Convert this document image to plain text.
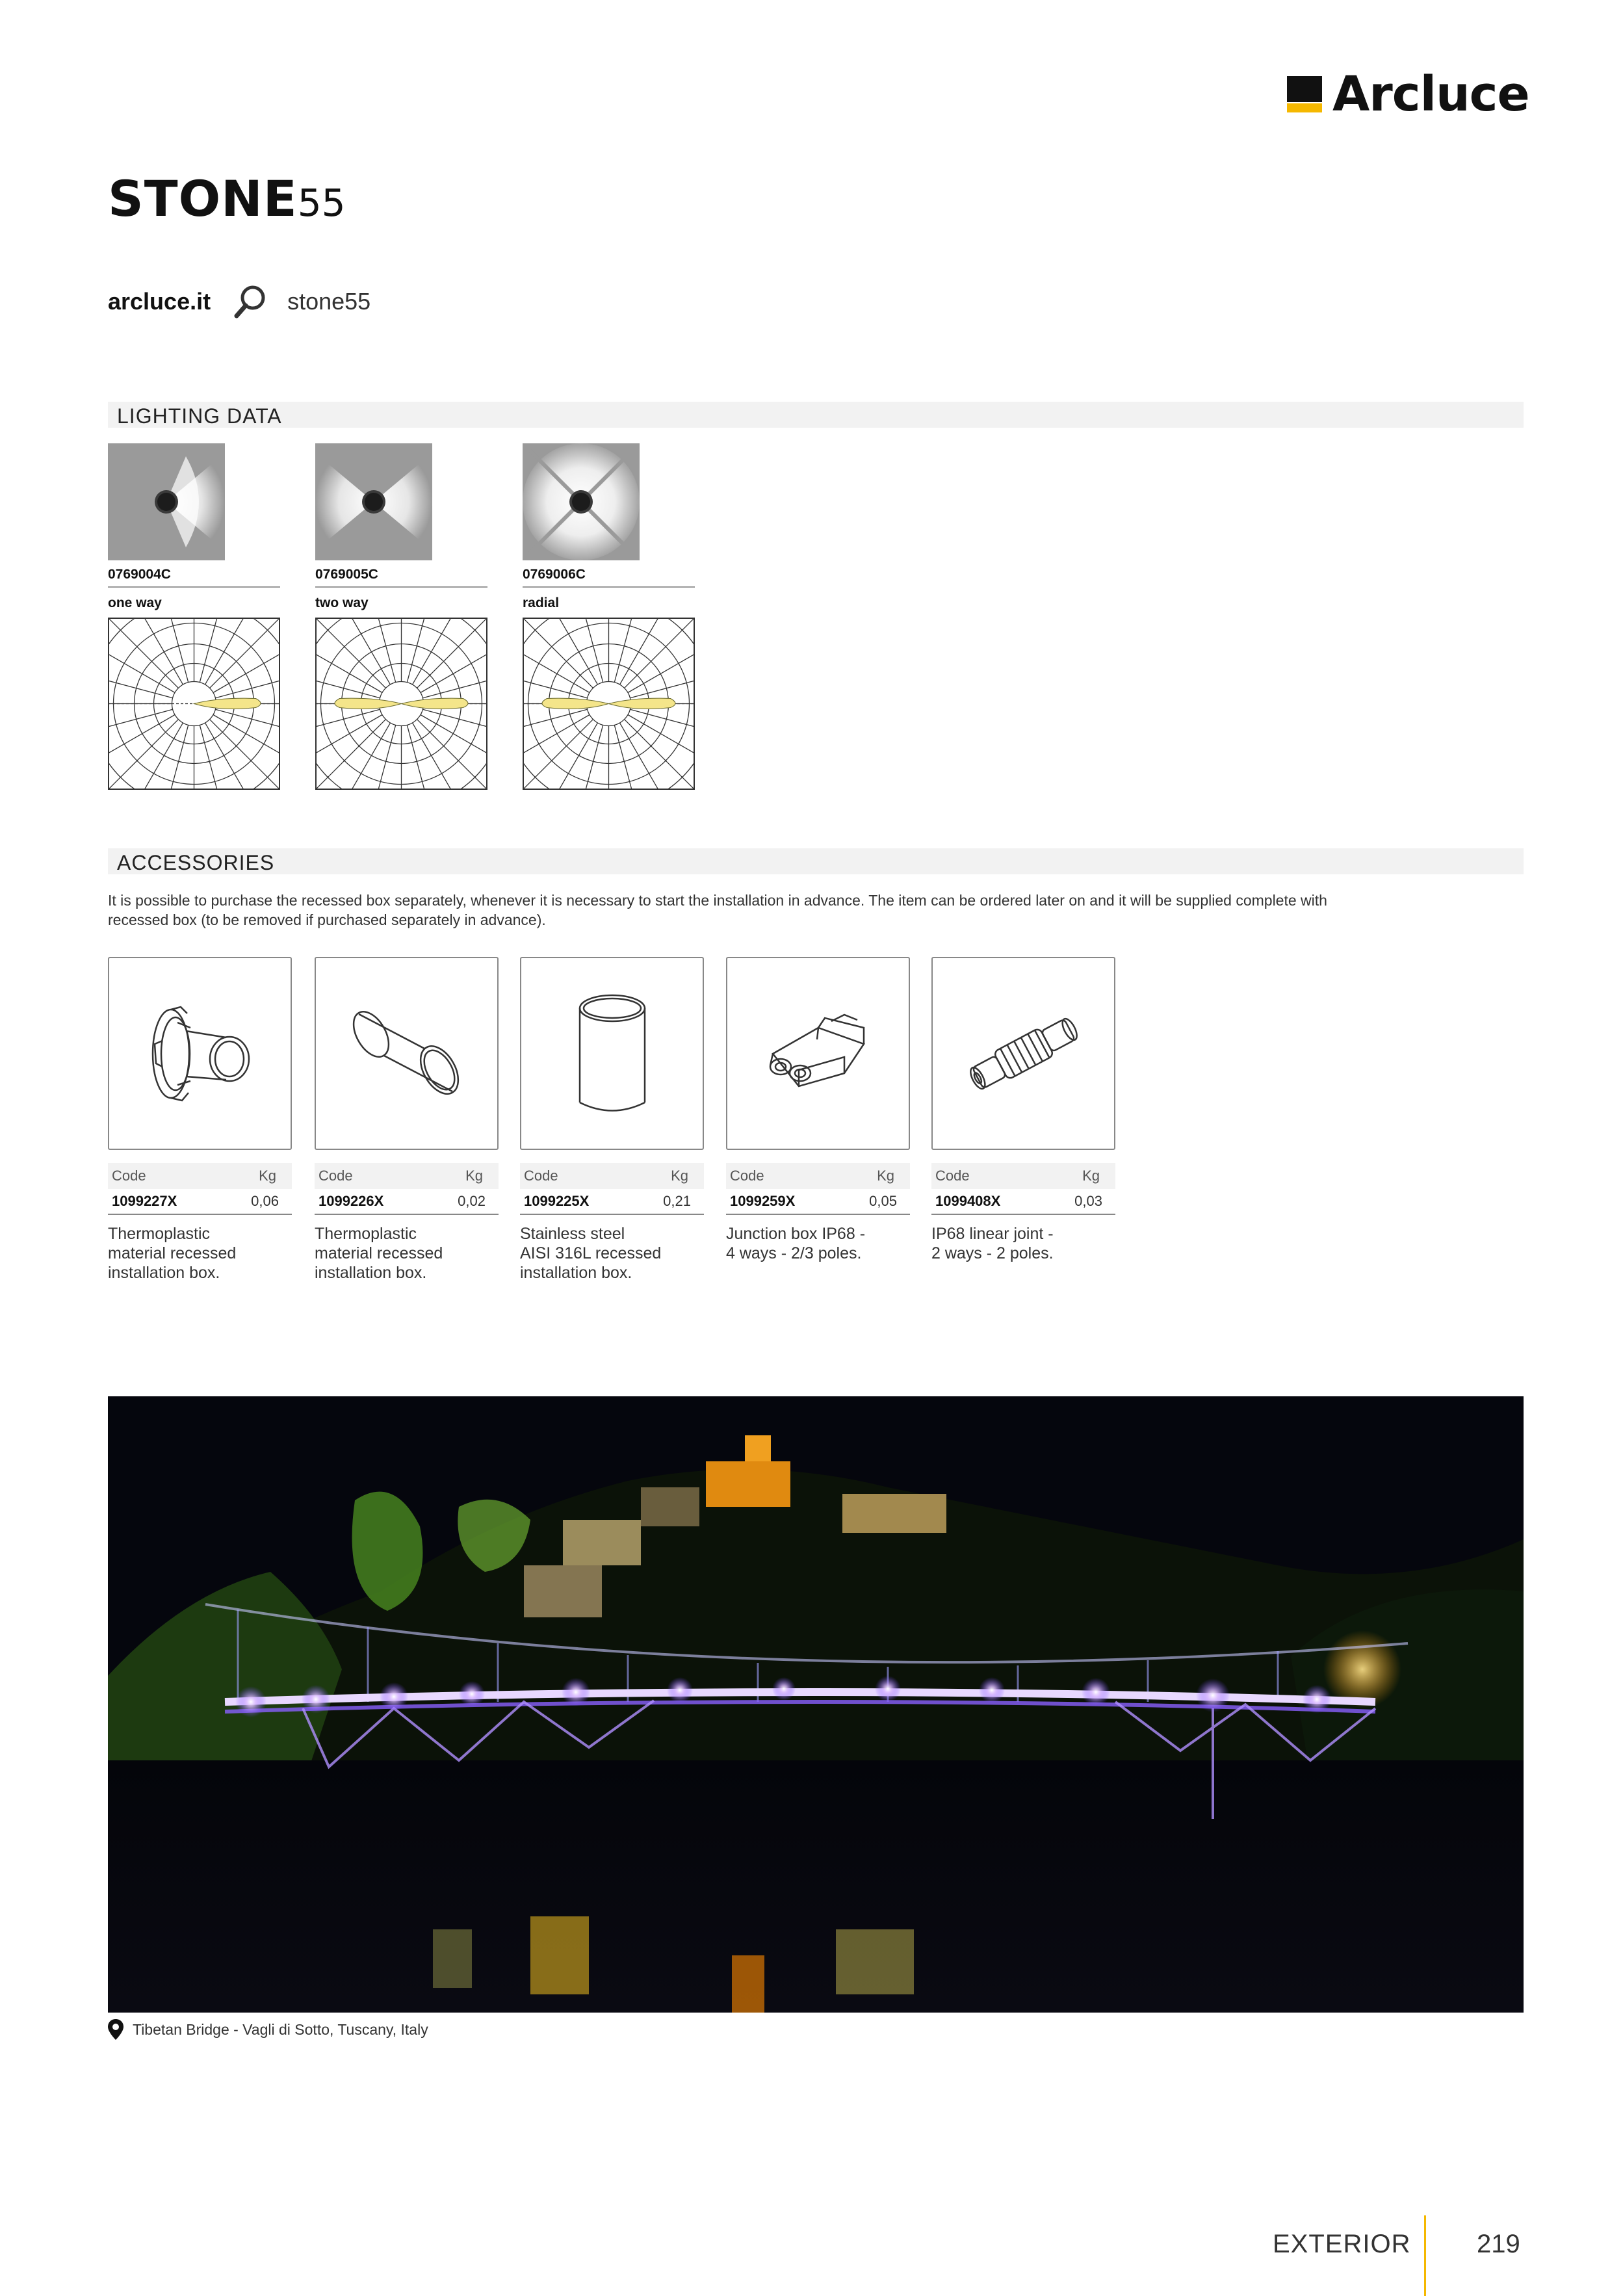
Arcluce
STONE55
arcluce.it	stone55
LIGHTING DATA
0769004C
one way
0769005C
two way
0769006C
radial
ACCESSORIES
It is possible to purchase the recessed box separately, whenever it is necessary to start the installation in advance. The item can be ordered later on and it will be supplied complete with recessed box (to be removed if purchased separately in advance).
Code	Kg
1099227X	0,06
Thermoplastic
material recessed
installation box.
Code	Kg
1099226X	0,02
Thermoplastic
material recessed
installation box.
Code	Kg
1099225X	0,21
Stainless steel
AISI 316L recessed
installation box.
Code	Kg
1099259X	0,05
Junction box IP68 -
4 ways - 2/3 poles.
Code	Kg
1099408X	0,03
IP68 linear joint -
2 ways - 2 poles.
Tibetan Bridge - Vagli di Sotto, Tuscany, Italy
EXTERIOR	219
